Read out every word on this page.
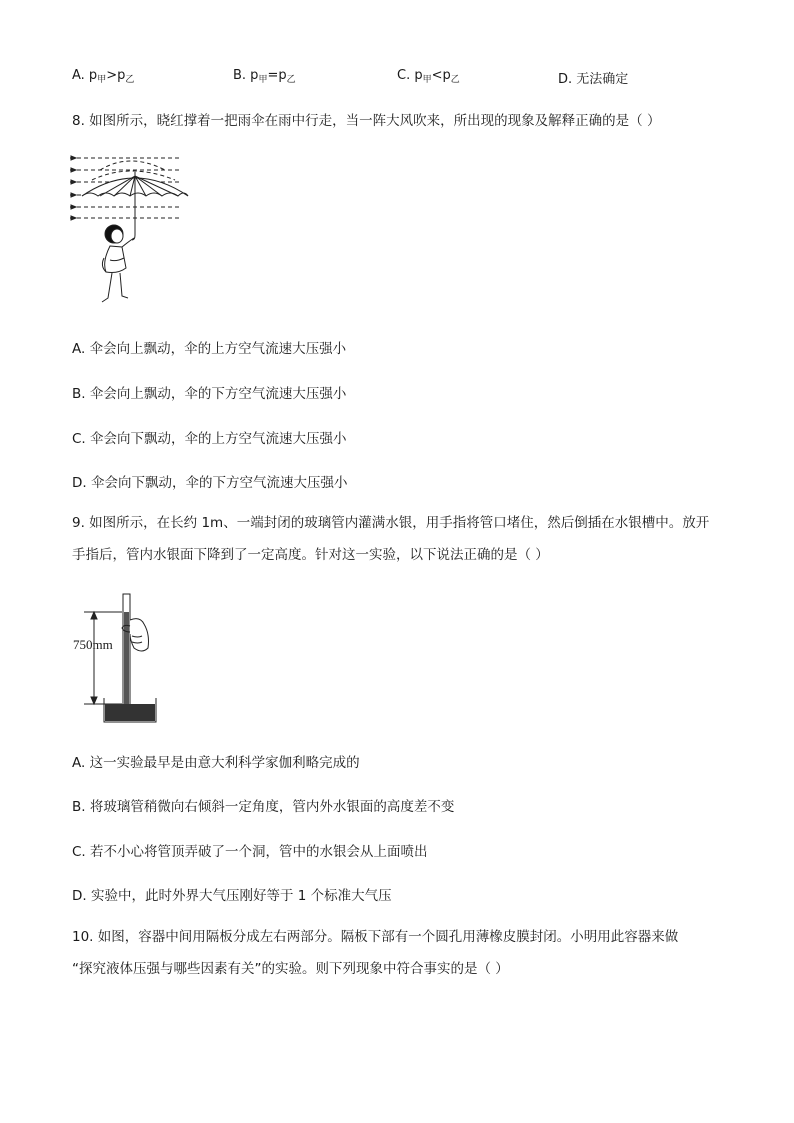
A. $p_甲>p_乙$	B. $p_甲=p_乙$	C. $p_甲<p_乙$	D. 无法确定
8. 如图所示，晓红撑着一把雨伞在雨中行走，当一阵大风吹来，所出现的现象及解释正确的是（ ）
A. 伞会向上飘动，伞的上方空气流速大压强小
B. 伞会向上飘动，伞的下方空气流速大压强小
C. 伞会向下飘动，伞的上方空气流速大压强小
D. 伞会向下飘动，伞的下方空气流速大压强小
9. 如图所示，在长约 1m、一端封闭的玻璃管内灌满水银，用手指将管口堵住，然后倒插在水银槽中。放开
手指后，管内水银面下降到了一定高度。针对这一实验，以下说法正确的是（ ）
750mm
A. 这一实验最早是由意大利科学家伽利略完成的
B. 将玻璃管稍微向右倾斜一定角度，管内外水银面的高度差不变
C. 若不小心将管顶弄破了一个洞，管中的水银会从上面喷出
D. 实验中，此时外界大气压刚好等于 1 个标准大气压
10. 如图，容器中间用隔板分成左右两部分。隔板下部有一个圆孔用薄橡皮膜封闭。小明用此容器来做
“探究液体压强与哪些因素有关”的实验。则下列现象中符合事实的是（ ）
